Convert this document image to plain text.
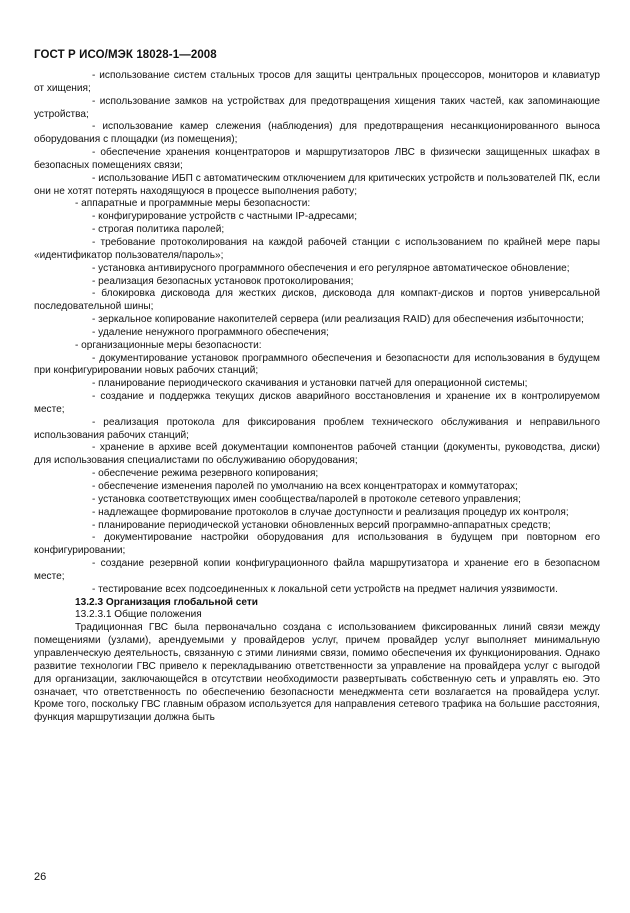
ГОСТ Р ИСО/МЭК 18028-1—2008

- использование систем стальных тросов для защиты центральных процессоров, мониторов и клавиатур от хищения;

- использование замков на устройствах для предотвращения хищения таких частей, как запоминающие устройства;

- использование камер слежения (наблюдения) для предотвращения несанкционированного выноса оборудования с площадки (из помещения);

- обеспечение хранения концентраторов и маршрутизаторов ЛВС в физически защищенных шкафах в безопасных помещениях связи;

- использование ИБП с автоматическим отключением для критических устройств и пользователей ПК, если они не хотят потерять находящуюся в процессе выполнения работу;

- аппаратные и программные меры безопасности:

- конфигурирование устройств с частными IP-адресами;

- строгая политика паролей;

- требование протоколирования на каждой рабочей станции с использованием по крайней мере пары «идентификатор пользователя/пароль»;

- установка антивирусного программного обеспечения и его регулярное автоматическое обновление;

- реализация безопасных установок протоколирования;

- блокировка дисковода для жестких дисков, дисковода для компакт-дисков и портов универсальной последовательной шины;

- зеркальное копирование накопителей сервера (или реализация RAID) для обеспечения избыточности;

- удаление ненужного программного обеспечения;

- организационные меры безопасности:

- документирование установок программного обеспечения и безопасности для использования в будущем при конфигурировании новых рабочих станций;

- планирование периодического скачивания и установки патчей для операционной системы;

- создание и поддержка текущих дисков аварийного восстановления и хранение их в контролируемом месте;

- реализация протокола для фиксирования проблем технического обслуживания и неправильного использования рабочих станций;

- хранение в архиве всей документации компонентов рабочей станции (документы, руководства, диски) для использования специалистами по обслуживанию оборудования;

- обеспечение режима резервного копирования;

- обеспечение изменения паролей по умолчанию на всех концентраторах и коммутаторах;

- установка соответствующих имен сообщества/паролей в протоколе сетевого управления;

- надлежащее формирование протоколов в случае доступности и реализация процедур их контроля;

- планирование периодической установки обновленных версий программно-аппаратных средств;

- документирование настройки оборудования для использования в будущем при повторном его конфигурировании;

- создание резервной копии конфигурационного файла маршрутизатора и хранение его в безопасном месте;

- тестирование всех подсоединенных к локальной сети устройств на предмет наличия уязвимости.

13.2.3 Организация глобальной сети

13.2.3.1 Общие положения

Традиционная ГВС была первоначально создана с использованием фиксированных линий связи между помещениями (узлами), арендуемыми у провайдеров услуг, причем провайдер услуг выполняет минимальную управленческую деятельность, связанную с этими линиями связи, помимо обеспечения их функционирования. Однако развитие технологии ГВС привело к перекладыванию ответственности за управление на провайдера услуг с выгодой для организации, заключающейся в отсутствии необходимости развертывать собственную сеть и управлять ею. Это означает, что ответственность по обеспечению безопасности менеджмента сети возлагается на провайдера услуг. Кроме того, поскольку ГВС главным образом используется для направления сетевого трафика на большие расстояния, функция маршрутизации должна быть

26
